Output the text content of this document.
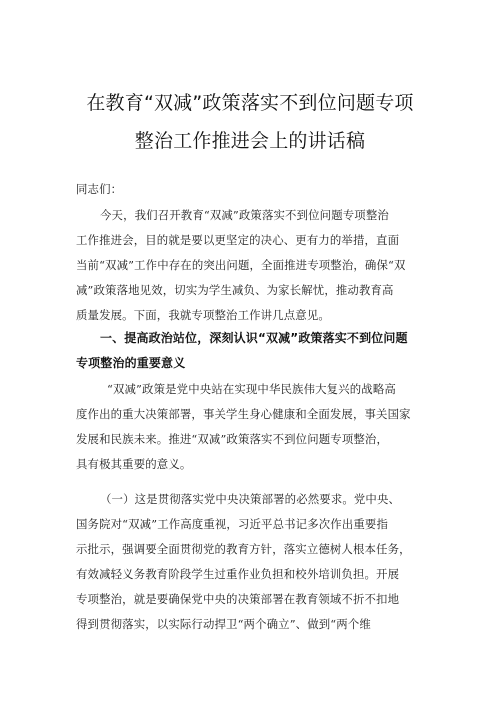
在教育“双减”政策落实不到位问题专项
整治工作推进会上的讲话稿
同志们：
今天，我们召开教育“双减”政策落实不到位问题专项整治
工作推进会，目的就是要以更坚定的决心、更有力的举措，直面
当前“双减”工作中存在的突出问题，全面推进专项整治，确保“双
减”政策落地见效，切实为学生减负、为家长解忧，推动教育高
质量发展。下面，我就专项整治工作讲几点意见。
一、提高政治站位，深刻认识“双减”政策落实不到位问题
专项整治的重要意义
“双减”政策是党中央站在实现中华民族伟大复兴的战略高
度作出的重大决策部署，事关学生身心健康和全面发展，事关国家
发展和民族未来。推进“双减”政策落实不到位问题专项整治，
具有极其重要的意义。
（一）这是贯彻落实党中央决策部署的必然要求。党中央、
国务院对“双减”工作高度重视，习近平总书记多次作出重要指
示批示，强调要全面贯彻党的教育方针，落实立德树人根本任务，
有效减轻义务教育阶段学生过重作业负担和校外培训负担。开展
专项整治，就是要确保党中央的决策部署在教育领域不折不扣地
得到贯彻落实，以实际行动捍卫“两个确立”、做到“两个维
